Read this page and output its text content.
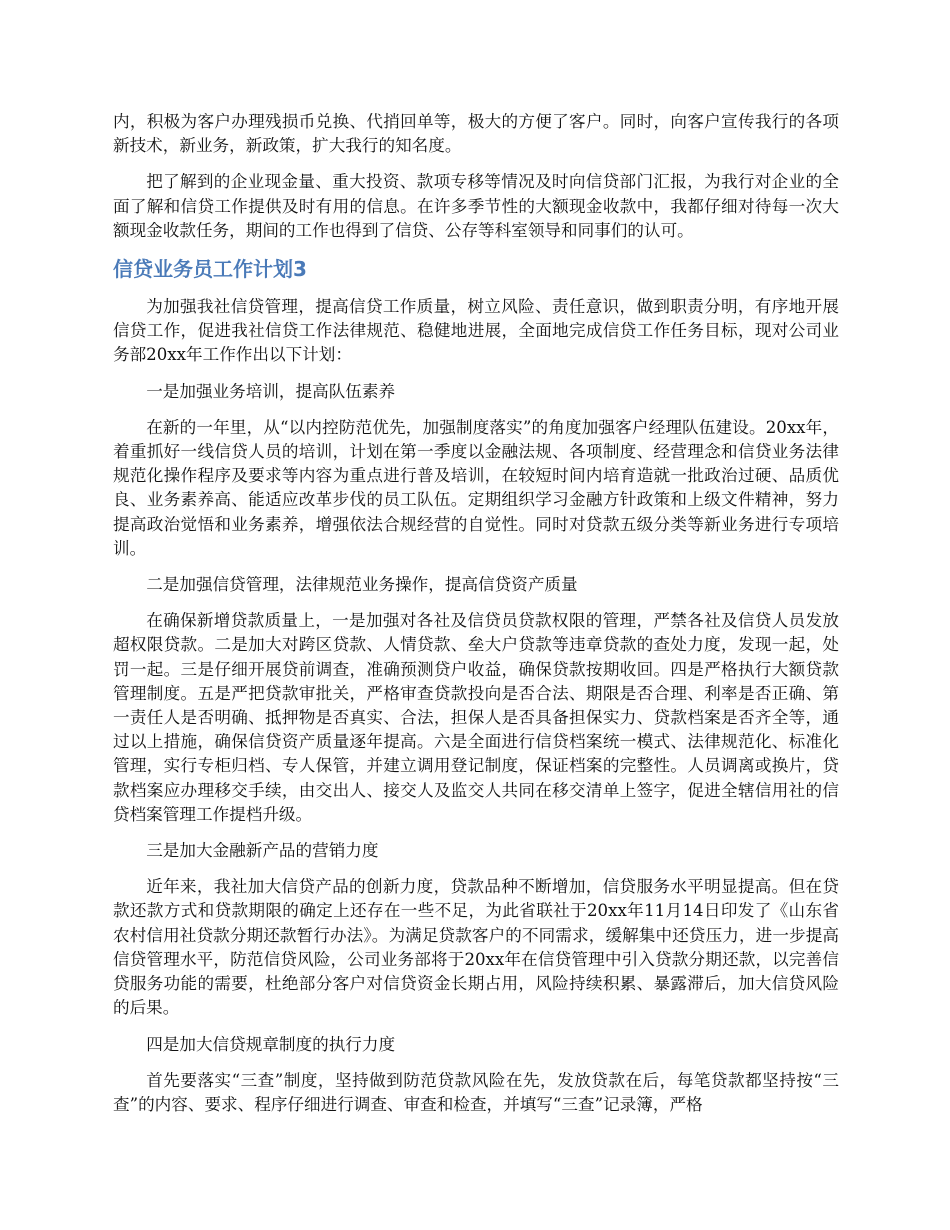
内，积极为客户办理残损币兑换、代捎回单等，极大的方便了客户。同时，向客户宣传我行的各项新技术，新业务，新政策，扩大我行的知名度。

把了解到的企业现金量、重大投资、款项专移等情况及时向信贷部门汇报，为我行对企业的全面了解和信贷工作提供及时有用的信息。在许多季节性的大额现金收款中，我都仔细对待每一次大额现金收款任务，期间的工作也得到了信贷、公存等科室领导和同事们的认可。

信贷业务员工作计划3

为加强我社信贷管理，提高信贷工作质量，树立风险、责任意识，做到职责分明，有序地开展信贷工作，促进我社信贷工作法律规范、稳健地进展，全面地完成信贷工作任务目标，现对公司业务部20xx年工作作出以下计划：

一是加强业务培训，提高队伍素养

在新的一年里，从“以内控防范优先，加强制度落实”的角度加强客户经理队伍建设。20xx年，着重抓好一线信贷人员的培训，计划在第一季度以金融法规、各项制度、经营理念和信贷业务法律规范化操作程序及要求等内容为重点进行普及培训，在较短时间内培育造就一批政治过硬、品质优良、业务素养高、能适应改革步伐的员工队伍。定期组织学习金融方针政策和上级文件精神，努力提高政治觉悟和业务素养，增强依法合规经营的自觉性。同时对贷款五级分类等新业务进行专项培训。

二是加强信贷管理，法律规范业务操作，提高信贷资产质量

在确保新增贷款质量上，一是加强对各社及信贷员贷款权限的管理，严禁各社及信贷人员发放超权限贷款。二是加大对跨区贷款、人情贷款、垒大户贷款等违章贷款的查处力度，发现一起，处罚一起。三是仔细开展贷前调查，准确预测贷户收益，确保贷款按期收回。四是严格执行大额贷款管理制度。五是严把贷款审批关，严格审查贷款投向是否合法、期限是否合理、利率是否正确、第一责任人是否明确、抵押物是否真实、合法，担保人是否具备担保实力、贷款档案是否齐全等，通过以上措施，确保信贷资产质量逐年提高。六是全面进行信贷档案统一模式、法律规范化、标准化管理，实行专柜归档、专人保管，并建立调用登记制度，保证档案的完整性。人员调离或换片，贷款档案应办理移交手续，由交出人、接交人及监交人共同在移交清单上签字，促进全辖信用社的信贷档案管理工作提档升级。

三是加大金融新产品的营销力度

近年来，我社加大信贷产品的创新力度，贷款品种不断增加，信贷服务水平明显提高。但在贷款还款方式和贷款期限的确定上还存在一些不足，为此省联社于20xx年11月14日印发了《山东省农村信用社贷款分期还款暂行办法》。为满足贷款客户的不同需求，缓解集中还贷压力，进一步提高信贷管理水平，防范信贷风险，公司业务部将于20xx年在信贷管理中引入贷款分期还款，以完善信贷服务功能的需要，杜绝部分客户对信贷资金长期占用，风险持续积累、暴露滞后，加大信贷风险的后果。

四是加大信贷规章制度的执行力度

首先要落实“三查”制度，坚持做到防范贷款风险在先，发放贷款在后，每笔贷款都坚持按“三查”的内容、要求、程序仔细进行调查、审查和检查，并填写“三查”记录簿，严格
